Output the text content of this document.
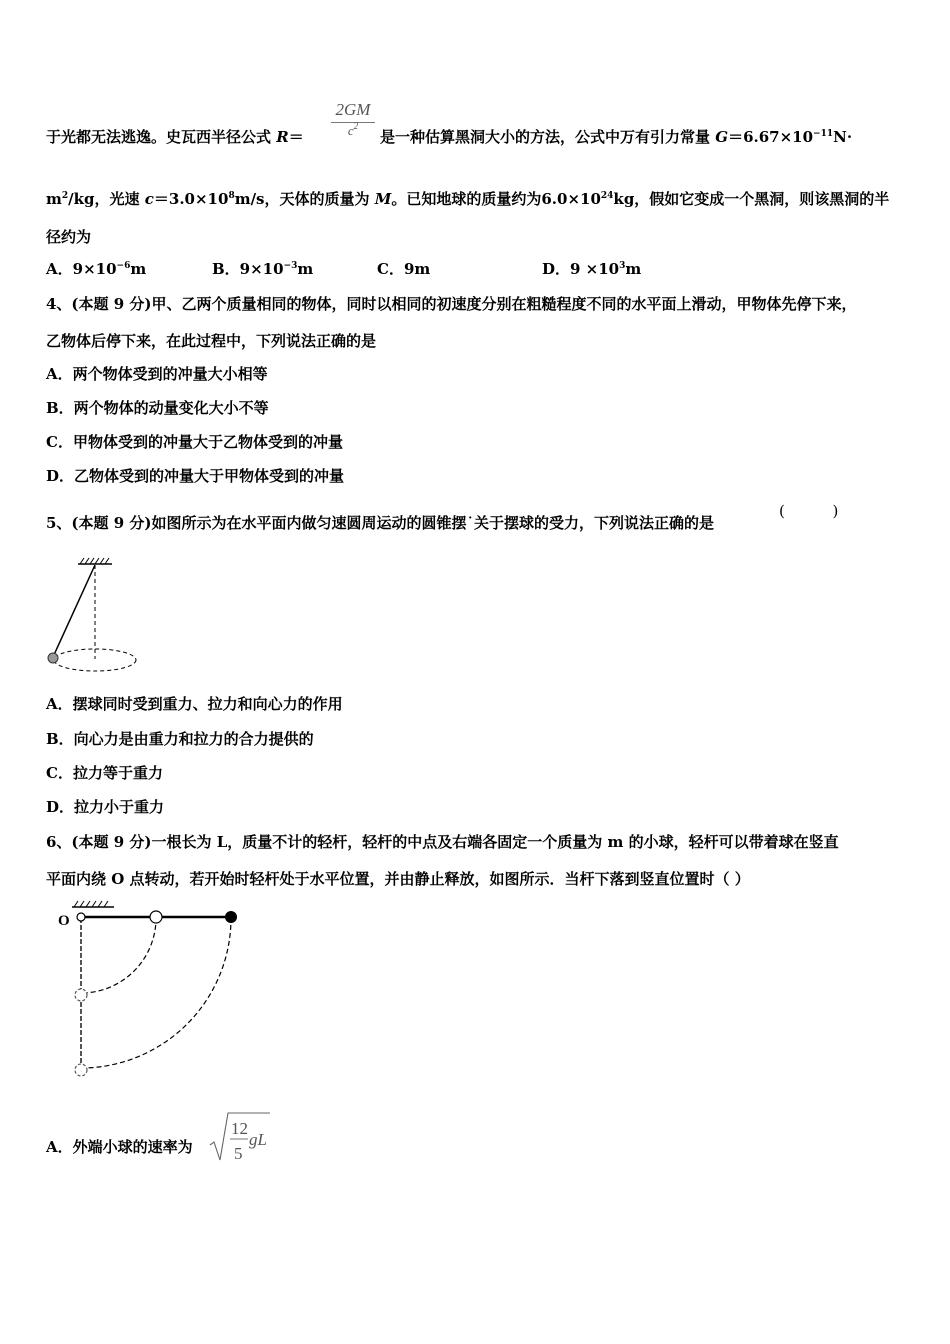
于光都无法逃逸。史瓦西半径公式 R＝
2GM
$c^2$
是一种估算黑洞大小的方法，公式中万有引力常量 $G=6.67\times 10^{-11}N\cdot$
$m^2/kg$，光速 $c=3.0\times 10^8m/s$，天体的质量为 M。已知地球的质量约为$6.0\times 10^{24}kg$，假如它变成一个黑洞，则该黑洞的半
径约为
A．$9\times 10^{-6}m$	B．$9\times 10^{-3}m$	C．9m	D．$9 \times 10^3m$
4、(本题 9 分)甲、乙两个质量相同的物体，同时以相同的初速度分别在粗糙程度不同的水平面上滑动，甲物体先停下来，
乙物体后停下来，在此过程中，下列说法正确的是
A．两个物体受到的冲量大小相等
B．两个物体的动量变化大小不等
C．甲物体受到的冲量大于乙物体受到的冲量
D．乙物体受到的冲量大于甲物体受到的冲量
5、(本题 9 分)如图所示为在水平面内做匀速圆周运动的圆锥摆˙关于摆球的受力，下列说法正确的是
(          )
A．摆球同时受到重力、拉力和向心力的作用
B．向心力是由重力和拉力的合力提供的
C．拉力等于重力
D．拉力小于重力
6、(本题 9 分)一根长为 L，质量不计的轻杆，轻杆的中点及右端各固定一个质量为 m 的小球，轻杆可以带着球在竖直
平面内绕 O 点转动，若开始时轻杆处于水平位置，并由静止释放，如图所示．当杆下落到竖直位置时（ ）
O
A．外端小球的速率为
12
5
gL
